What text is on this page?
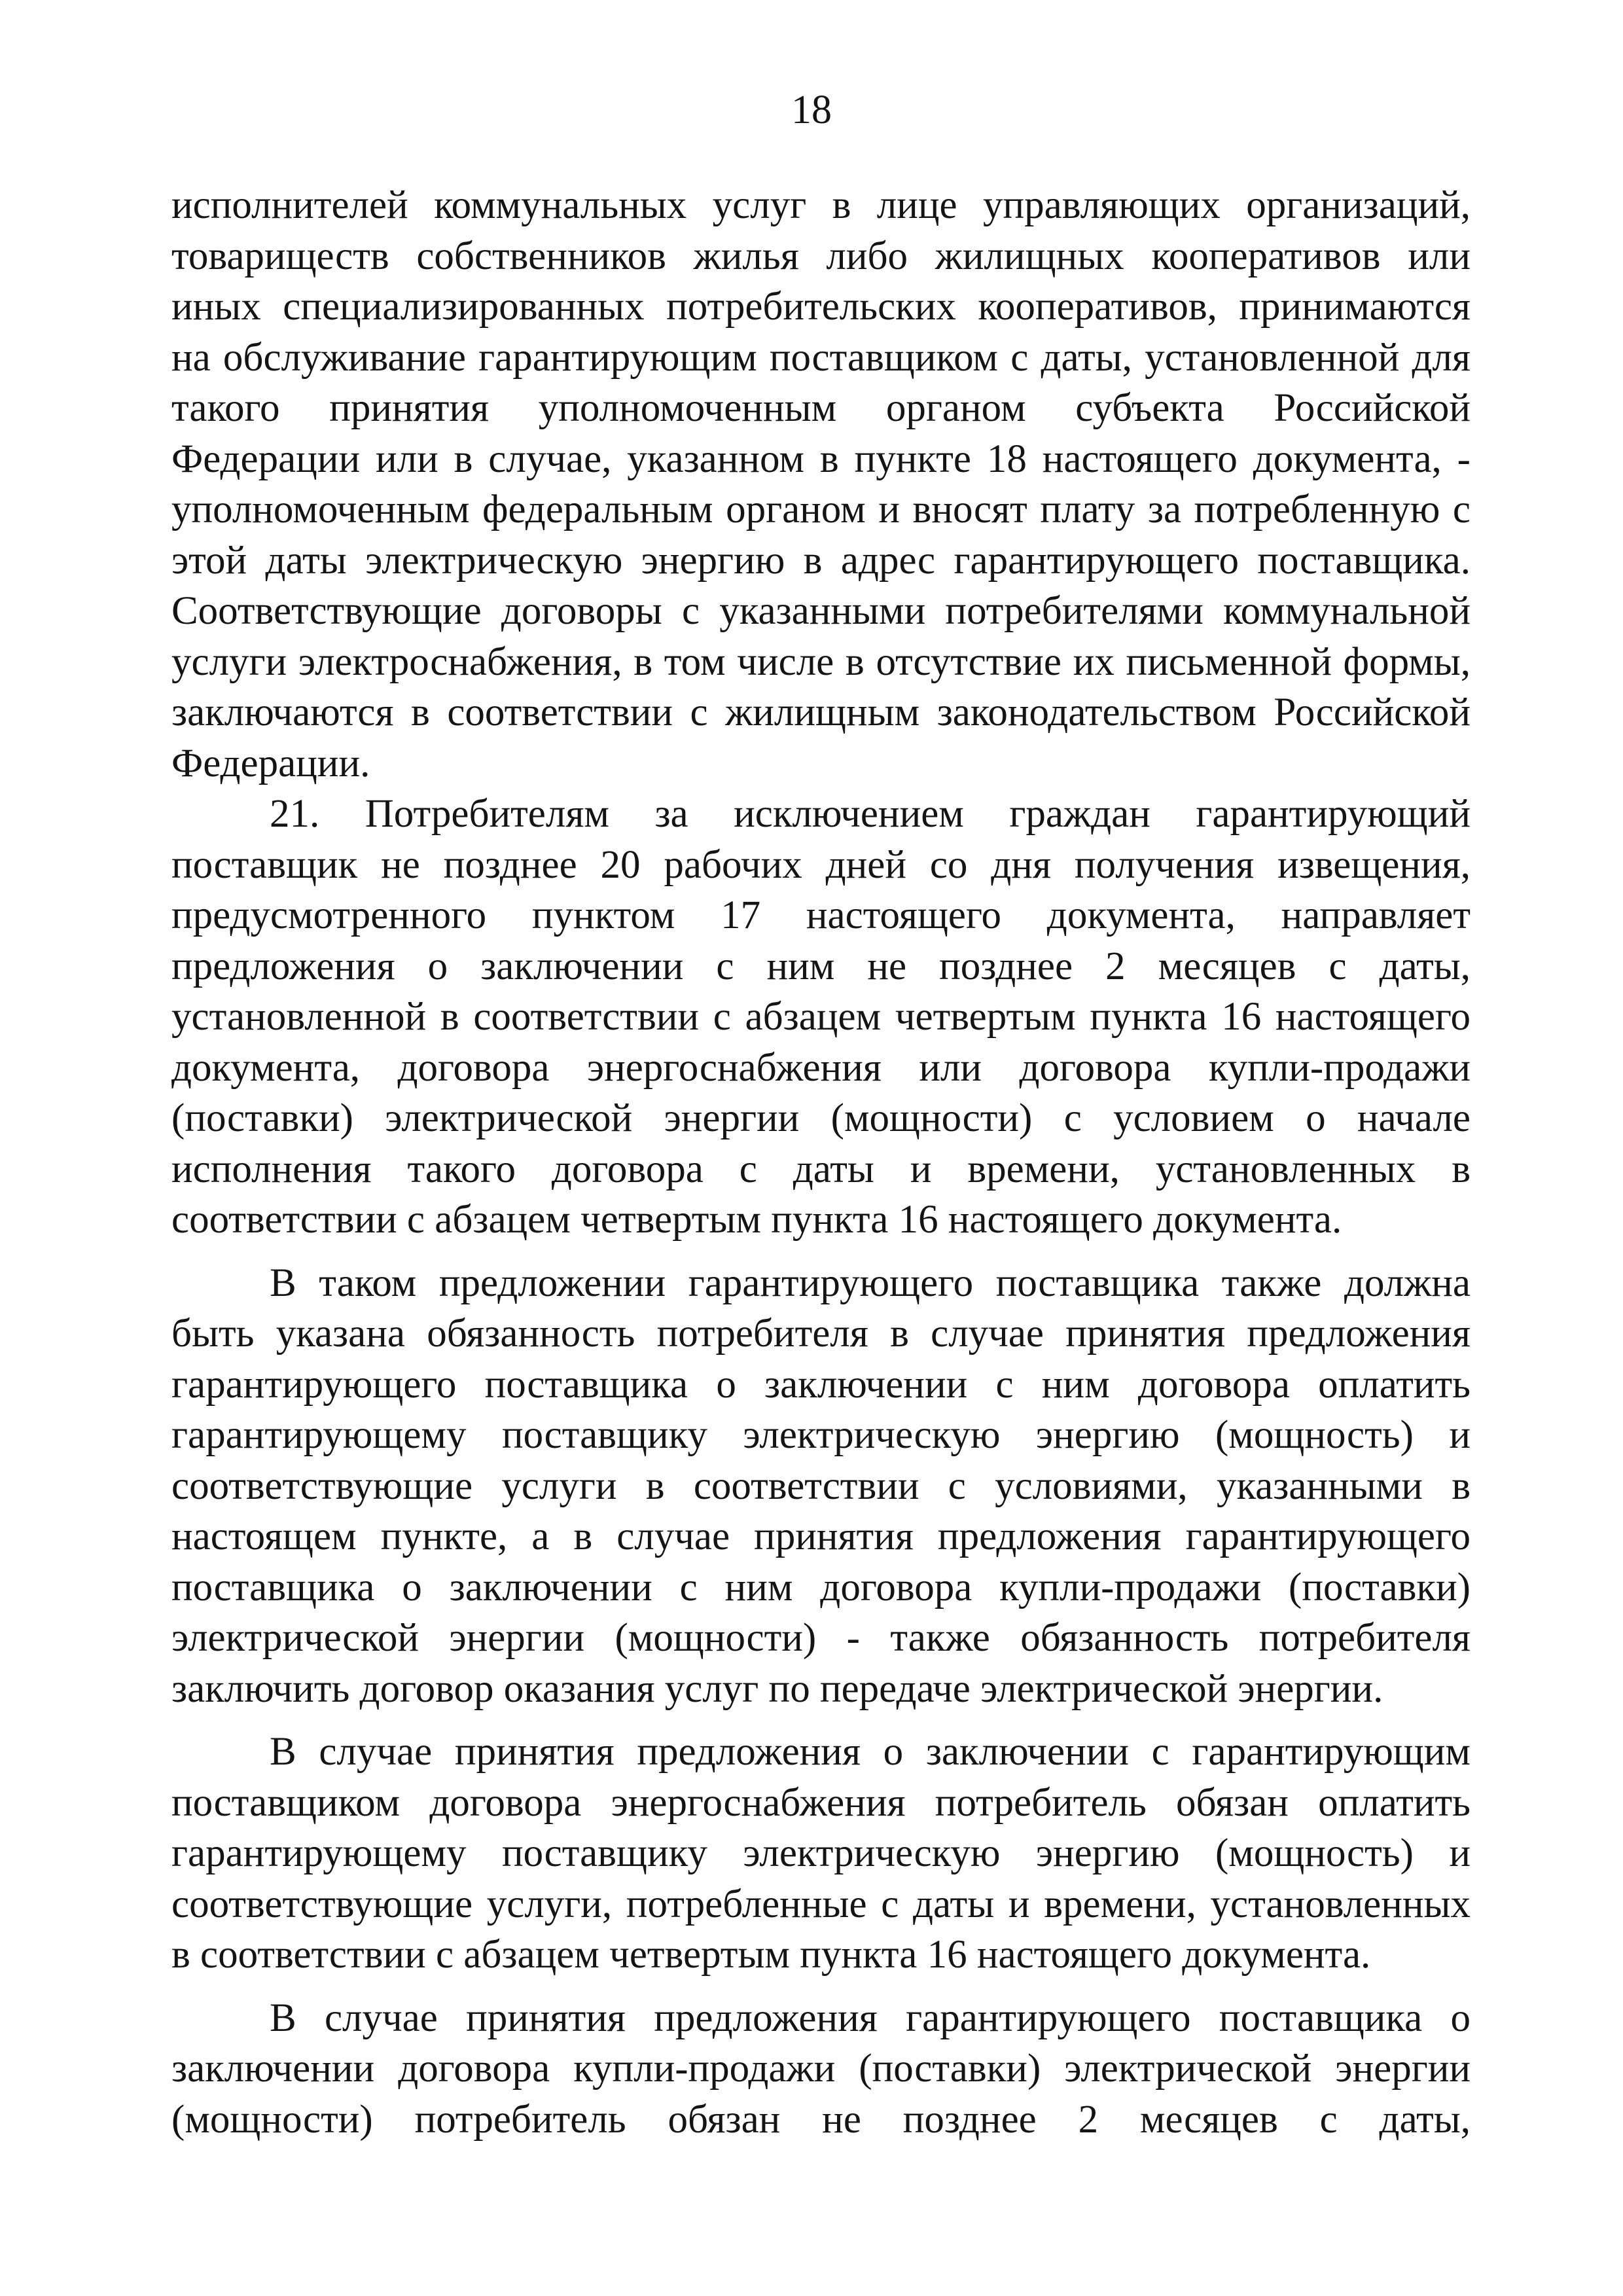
18
исполнителей коммунальных услуг в лице управляющих организаций,
товариществ собственников жилья либо жилищных кооперативов или
иных специализированных потребительских кооперативов, принимаются
на обслуживание гарантирующим поставщиком с даты, установленной для
такого принятия уполномоченным органом субъекта Российской
Федерации или в случае, указанном в пункте 18 настоящего документа, -
уполномоченным федеральным органом и вносят плату за потребленную с
этой даты электрическую энергию в адрес гарантирующего поставщика.
Соответствующие договоры с указанными потребителями коммунальной
услуги электроснабжения, в том числе в отсутствие их письменной формы,
заключаются в соответствии с жилищным законодательством Российской
Федерации.
21. Потребителям за исключением граждан гарантирующий
поставщик не позднее 20 рабочих дней со дня получения извещения,
предусмотренного пунктом 17 настоящего документа, направляет
предложения о заключении с ним не позднее 2 месяцев с даты,
установленной в соответствии с абзацем четвертым пункта 16 настоящего
документа, договора энергоснабжения или договора купли-продажи
(поставки) электрической энергии (мощности) с условием о начале
исполнения такого договора с даты и времени, установленных в
соответствии с абзацем четвертым пункта 16 настоящего документа.
В таком предложении гарантирующего поставщика также должна
быть указана обязанность потребителя в случае принятия предложения
гарантирующего поставщика о заключении с ним договора оплатить
гарантирующему поставщику электрическую энергию (мощность) и
соответствующие услуги в соответствии с условиями, указанными в
настоящем пункте, а в случае принятия предложения гарантирующего
поставщика о заключении с ним договора купли-продажи (поставки)
электрической энергии (мощности) - также обязанность потребителя
заключить договор оказания услуг по передаче электрической энергии.
В случае принятия предложения о заключении с гарантирующим
поставщиком договора энергоснабжения потребитель обязан оплатить
гарантирующему поставщику электрическую энергию (мощность) и
соответствующие услуги, потребленные с даты и времени, установленных
в соответствии с абзацем четвертым пункта 16 настоящего документа.
В случае принятия предложения гарантирующего поставщика о
заключении договора купли-продажи (поставки) электрической энергии
(мощности) потребитель обязан не позднее 2 месяцев с даты,
